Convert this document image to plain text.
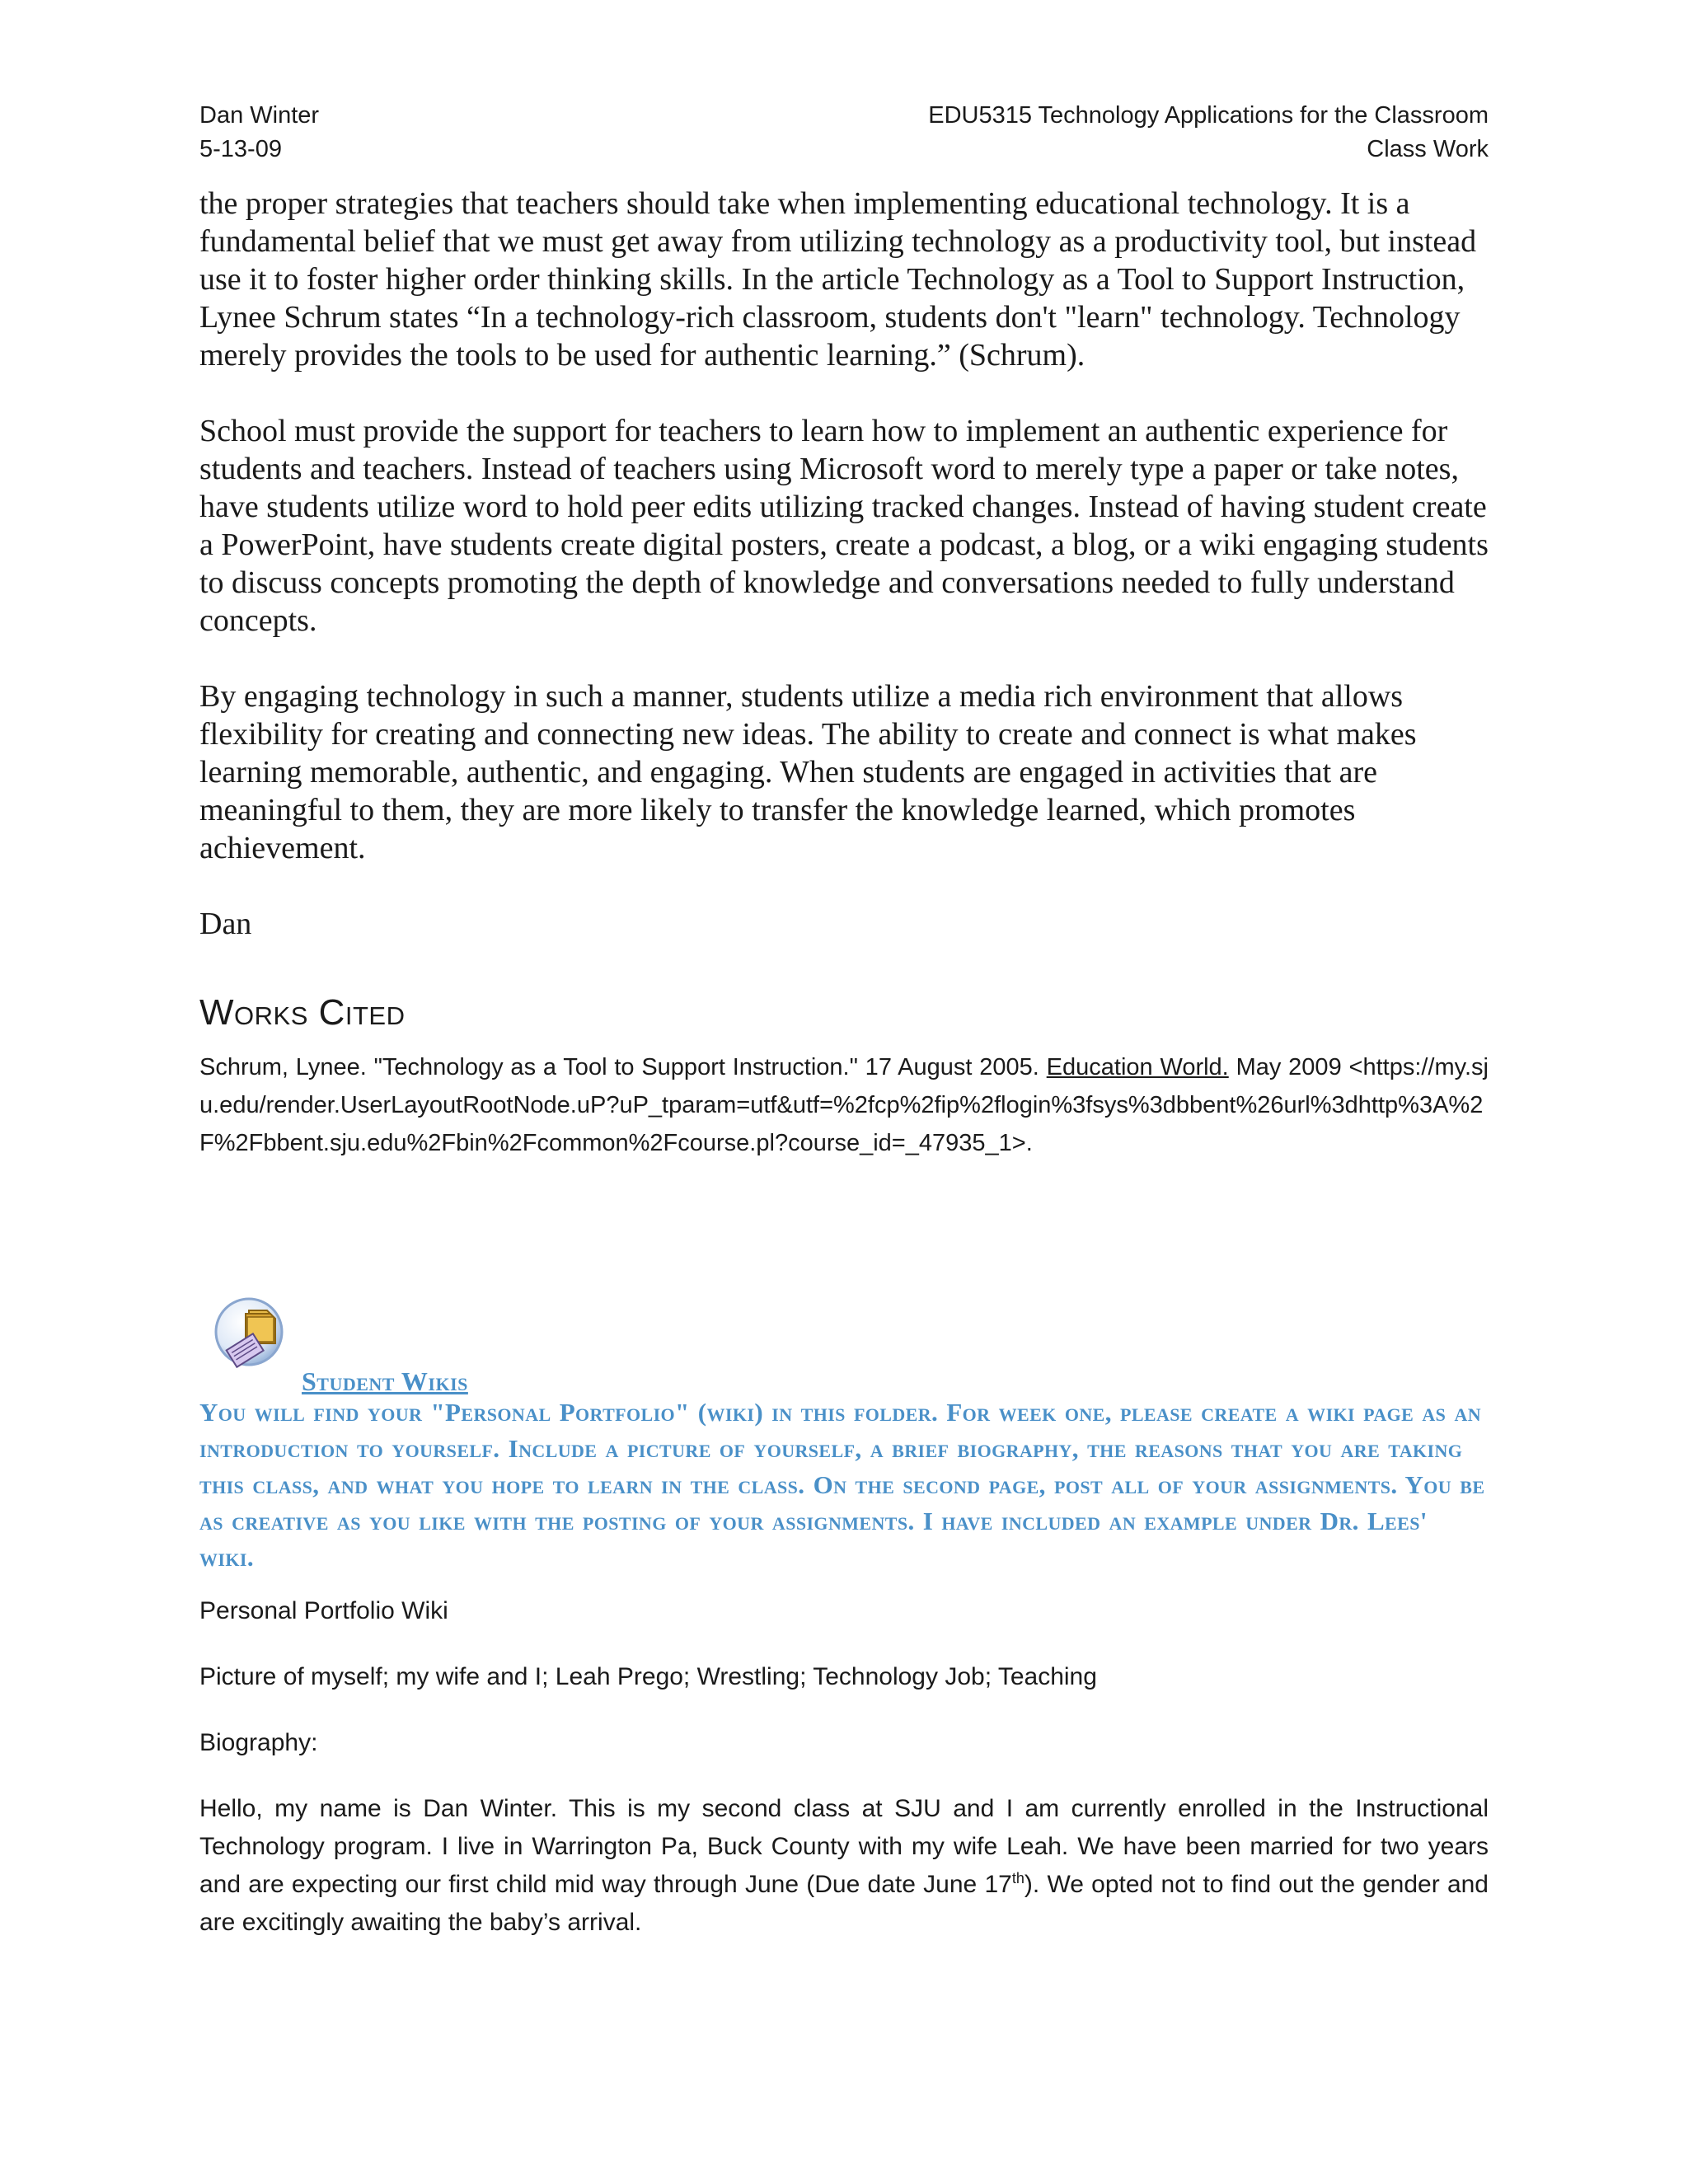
Dan Winter	EDU5315 Technology Applications for the Classroom
5-13-09	Class Work

the proper strategies that teachers should take when implementing educational technology. It is a fundamental belief that we must get away from utilizing technology as a productivity tool, but instead use it to foster higher order thinking skills. In the article Technology as a Tool to Support Instruction, Lynee Schrum states “In a technology-rich classroom, students don't "learn" technology. Technology merely provides the tools to be used for authentic learning.” (Schrum).

School must provide the support for teachers to learn how to implement an authentic experience for students and teachers. Instead of teachers using Microsoft word to merely type a paper or take notes, have students utilize word to hold peer edits utilizing tracked changes. Instead of having student create a PowerPoint, have students create digital posters, create a podcast, a blog, or a wiki engaging students to discuss concepts promoting the depth of knowledge and conversations needed to fully understand concepts.

By engaging technology in such a manner, students utilize a media rich environment that allows flexibility for creating and connecting new ideas. The ability to create and connect is what makes learning memorable, authentic, and engaging. When students are engaged in activities that are meaningful to them, they are more likely to transfer the knowledge learned, which promotes achievement.

Dan

Works Cited
Schrum, Lynee. "Technology as a Tool to Support Instruction." 17 August 2005. Education World. May 2009 <https://my.sju.edu/render.UserLayoutRootNode.uP?uP_tparam=utf&utf=%2fcp%2fip%2flogin%3fsys%3dbbent%26url%3dhttp%3A%2F%2Fbbent.sju.edu%2Fbin%2Fcommon%2Fcourse.pl?course_id=_47935_1>.
Student Wikis
You will find your "Personal Portfolio" (wiki) in this folder. For week one, please create a wiki page as an introduction to yourself. Include a picture of yourself, a brief biography, the reasons that you are taking this class, and what you hope to learn in the class. On the second page, post all of your assignments. You be as creative as you like with the posting of your assignments. I have included an example under Dr. Lees' wiki.

Personal Portfolio Wiki

Picture of myself; my wife and I; Leah Prego; Wrestling; Technology Job; Teaching

Biography:

Hello, my name is Dan Winter. This is my second class at SJU and I am currently enrolled in the Instructional Technology program. I live in Warrington Pa, Buck County with my wife Leah. We have been married for two years and are expecting our first child mid way through June (Due date June 17th). We opted not to find out the gender and are excitingly awaiting the baby’s arrival.
